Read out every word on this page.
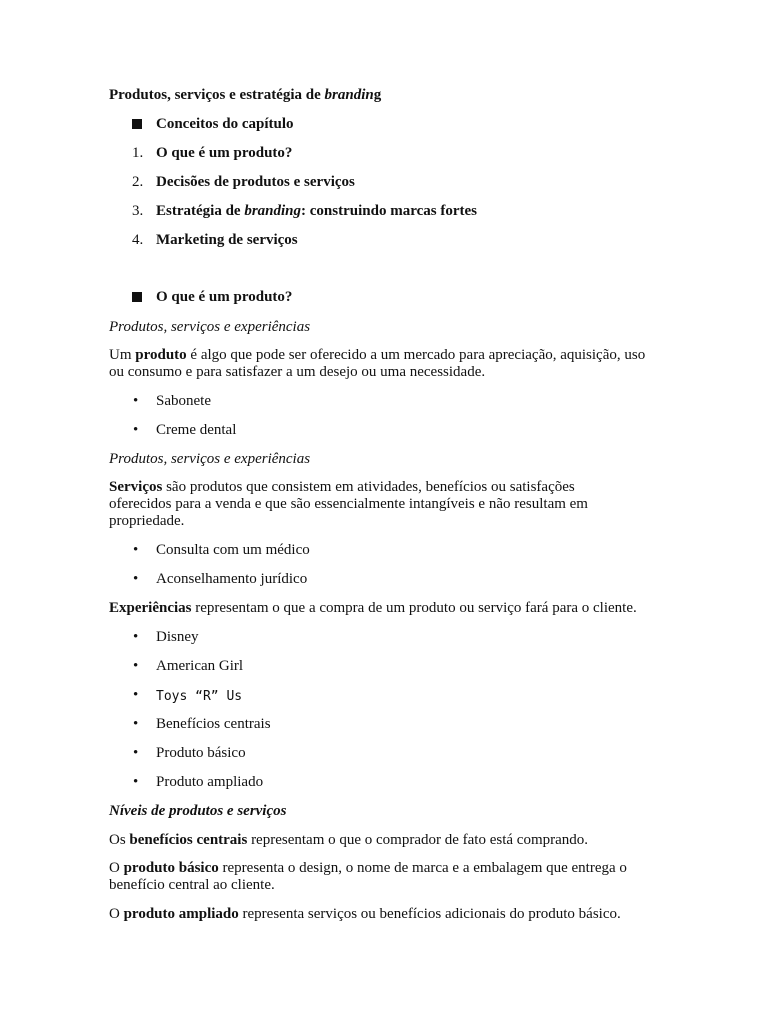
Produtos, serviços e estratégia de branding
Conceitos do capítulo
1. O que é um produto?
2. Decisões de produtos e serviços
3. Estratégia de branding: construindo marcas fortes
4. Marketing de serviços
O que é um produto?
Produtos, serviços e experiências
Um produto é algo que pode ser oferecido a um mercado para apreciação, aquisição, uso ou consumo e para satisfazer a um desejo ou uma necessidade.
• Sabonete
• Creme dental
Produtos, serviços e experiências
Serviços são produtos que consistem em atividades, benefícios ou satisfações oferecidos para a venda e que são essencialmente intangíveis e não resultam em propriedade.
• Consulta com um médico
• Aconselhamento jurídico
Experiências representam o que a compra de um produto ou serviço fará para o cliente.
• Disney
• American Girl
• Toys “R” Us
• Benefícios centrais
• Produto básico
• Produto ampliado
Níveis de produtos e serviços
Os benefícios centrais representam o que o comprador de fato está comprando.
O produto básico representa o design, o nome de marca e a embalagem que entrega o benefício central ao cliente.
O produto ampliado representa serviços ou benefícios adicionais do produto básico.
